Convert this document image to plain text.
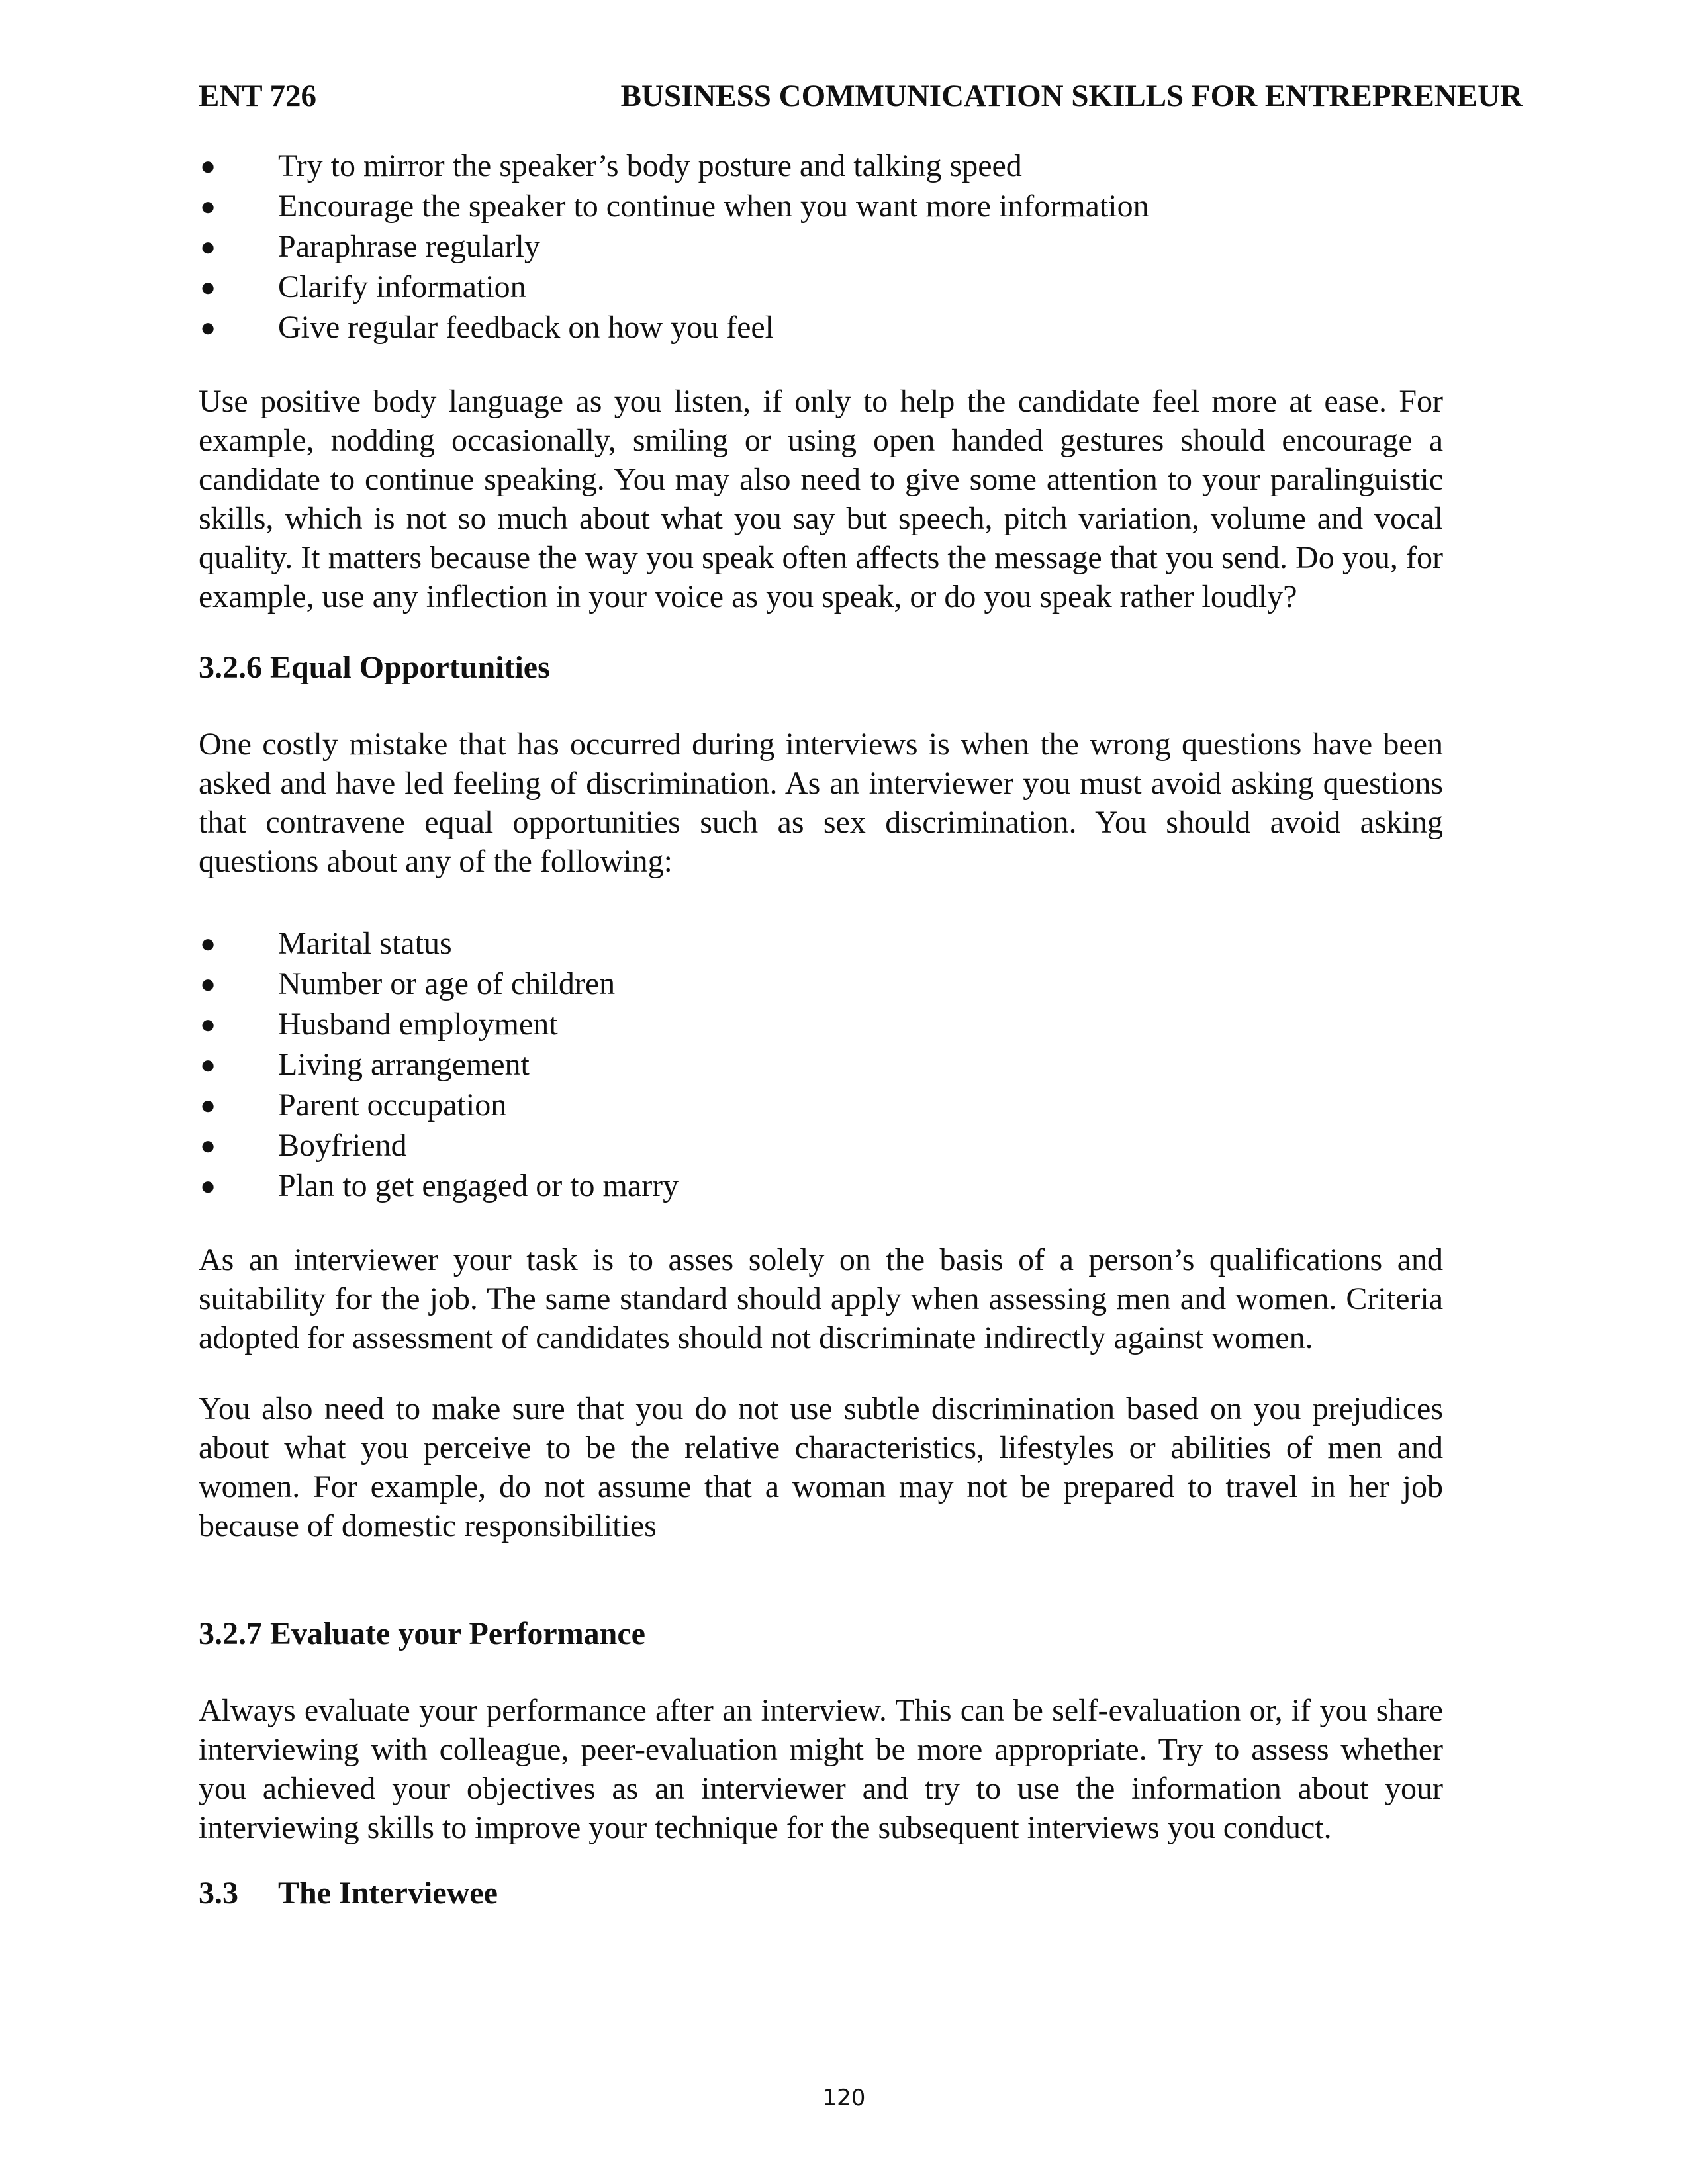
ENT 726	BUSINESS COMMUNICATION SKILLS FOR ENTREPRENEUR
● Try to mirror the speaker’s body posture and talking speed
● Encourage the speaker to continue when you want more information
● Paraphrase regularly
● Clarify information
● Give regular feedback on how you feel

Use positive body language as you listen, if only to help the candidate feel more at ease. For example, nodding occasionally, smiling or using open handed gestures should encourage a candidate to continue speaking. You may also need to give some attention to your paralinguistic skills, which is not so much about what you say but speech, pitch variation, volume and vocal quality. It matters because the way you speak often affects the message that you send. Do you, for example, use any inflection in your voice as you speak, or do you speak rather loudly?

3.2.6 Equal Opportunities

One costly mistake that has occurred during interviews is when the wrong questions have been asked and have led feeling of discrimination. As an interviewer you must avoid asking questions that contravene equal opportunities such as sex discrimination. You should avoid asking questions about any of the following:

● Marital status
● Number or age of children
● Husband employment
● Living arrangement
● Parent occupation
● Boyfriend
● Plan to get engaged or to marry

As an interviewer your task is to asses solely on the basis of a person’s qualifications and suitability for the job. The same standard should apply when assessing men and women. Criteria adopted for assessment of candidates should not discriminate indirectly against women.

You also need to make sure that you do not use subtle discrimination based on you prejudices about what you perceive to be the relative characteristics, lifestyles or abilities of men and women. For example, do not assume that a woman may not be prepared to travel in her job because of domestic responsibilities

3.2.7 Evaluate your Performance

Always evaluate your performance after an interview. This can be self-evaluation or, if you share interviewing with colleague, peer-evaluation might be more appropriate. Try to assess whether you achieved your objectives as an interviewer and try to use the information about your interviewing skills to improve your technique for the subsequent interviews you conduct.

3.3 The Interviewee
120
